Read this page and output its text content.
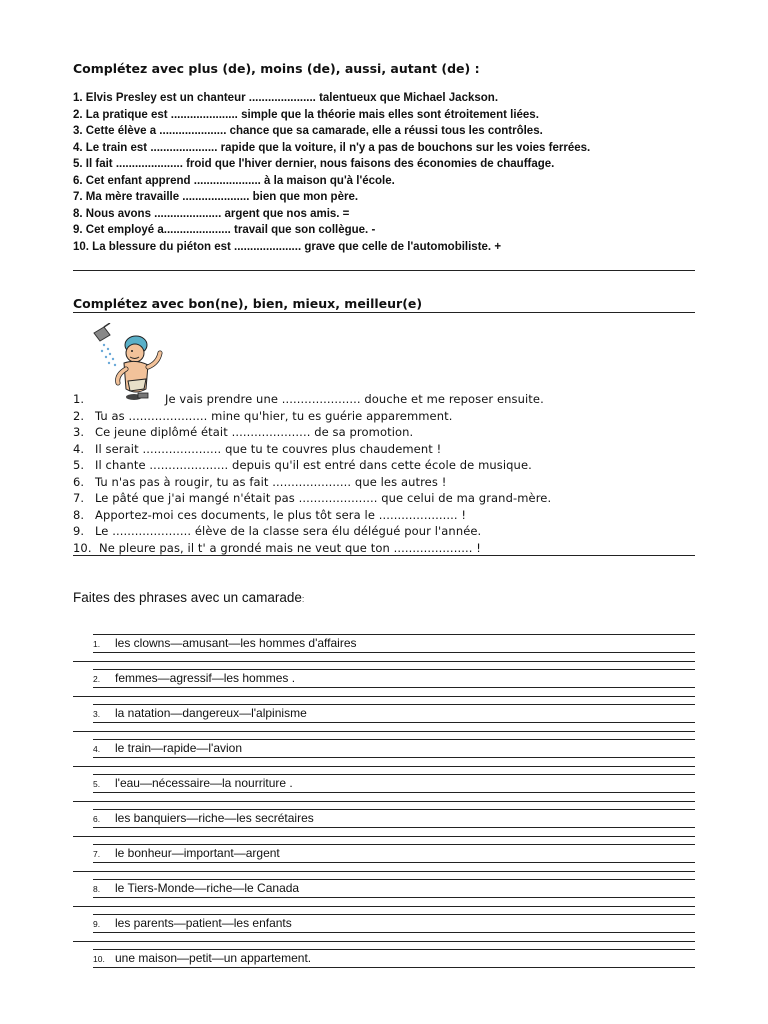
Complétez avec plus (de), moins (de), aussi, autant (de) :
1. Elvis Presley est un chanteur ..................... talentueux que Michael Jackson.
2. La pratique est ..................... simple que la théorie mais elles sont étroitement liées.
3. Cette élève a ..................... chance que sa camarade, elle a réussi tous les contrôles.
4. Le train est ..................... rapide que la voiture, il n'y a pas de bouchons sur les voies ferrées.
5. Il fait ..................... froid que l'hiver dernier, nous faisons des économies de chauffage.
6. Cet enfant apprend ..................... à la maison qu'à l'école.
7. Ma mère travaille ..................... bien que mon père.
8. Nous avons ..................... argent que nos amis. =
9. Cet employé a..................... travail que son collègue. -
10. La blessure du piéton est ..................... grave que celle de l'automobiliste. +
Complétez avec bon(ne), bien, mieux, meilleur(e)
1.	Je vais prendre une ..................... douche et me reposer ensuite.
2. Tu as ..................... mine qu'hier, tu es guérie apparemment.
3. Ce jeune diplômé était ..................... de sa promotion.
4. Il serait ..................... que tu te couvres plus chaudement !
5. Il chante ..................... depuis qu'il est entré dans cette école de musique.
6. Tu n'as pas à rougir, tu as fait ..................... que les autres !
7. Le pâté que j'ai mangé n'était pas ..................... que celui de ma grand-mère.
8. Apportez-moi ces documents, le plus tôt sera le ..................... !
9. Le ..................... élève de la classe sera élu délégué pour l'année.
10. Ne pleure pas, il t' a grondé mais ne veut que ton ..................... !
Faites des phrases avec un camarade:
1. les clowns—amusant—les hommes d'affaires
2. femmes—agressif—les hommes .
3. la natation—dangereux—l'alpinisme
4. le train—rapide—l'avion
5. l'eau—nécessaire—la nourriture .
6. les banquiers—riche—les secrétaires
7. le bonheur—important—argent
8. le Tiers-Monde—riche—le Canada
9. les parents—patient—les enfants
10. une maison—petit—un appartement.
